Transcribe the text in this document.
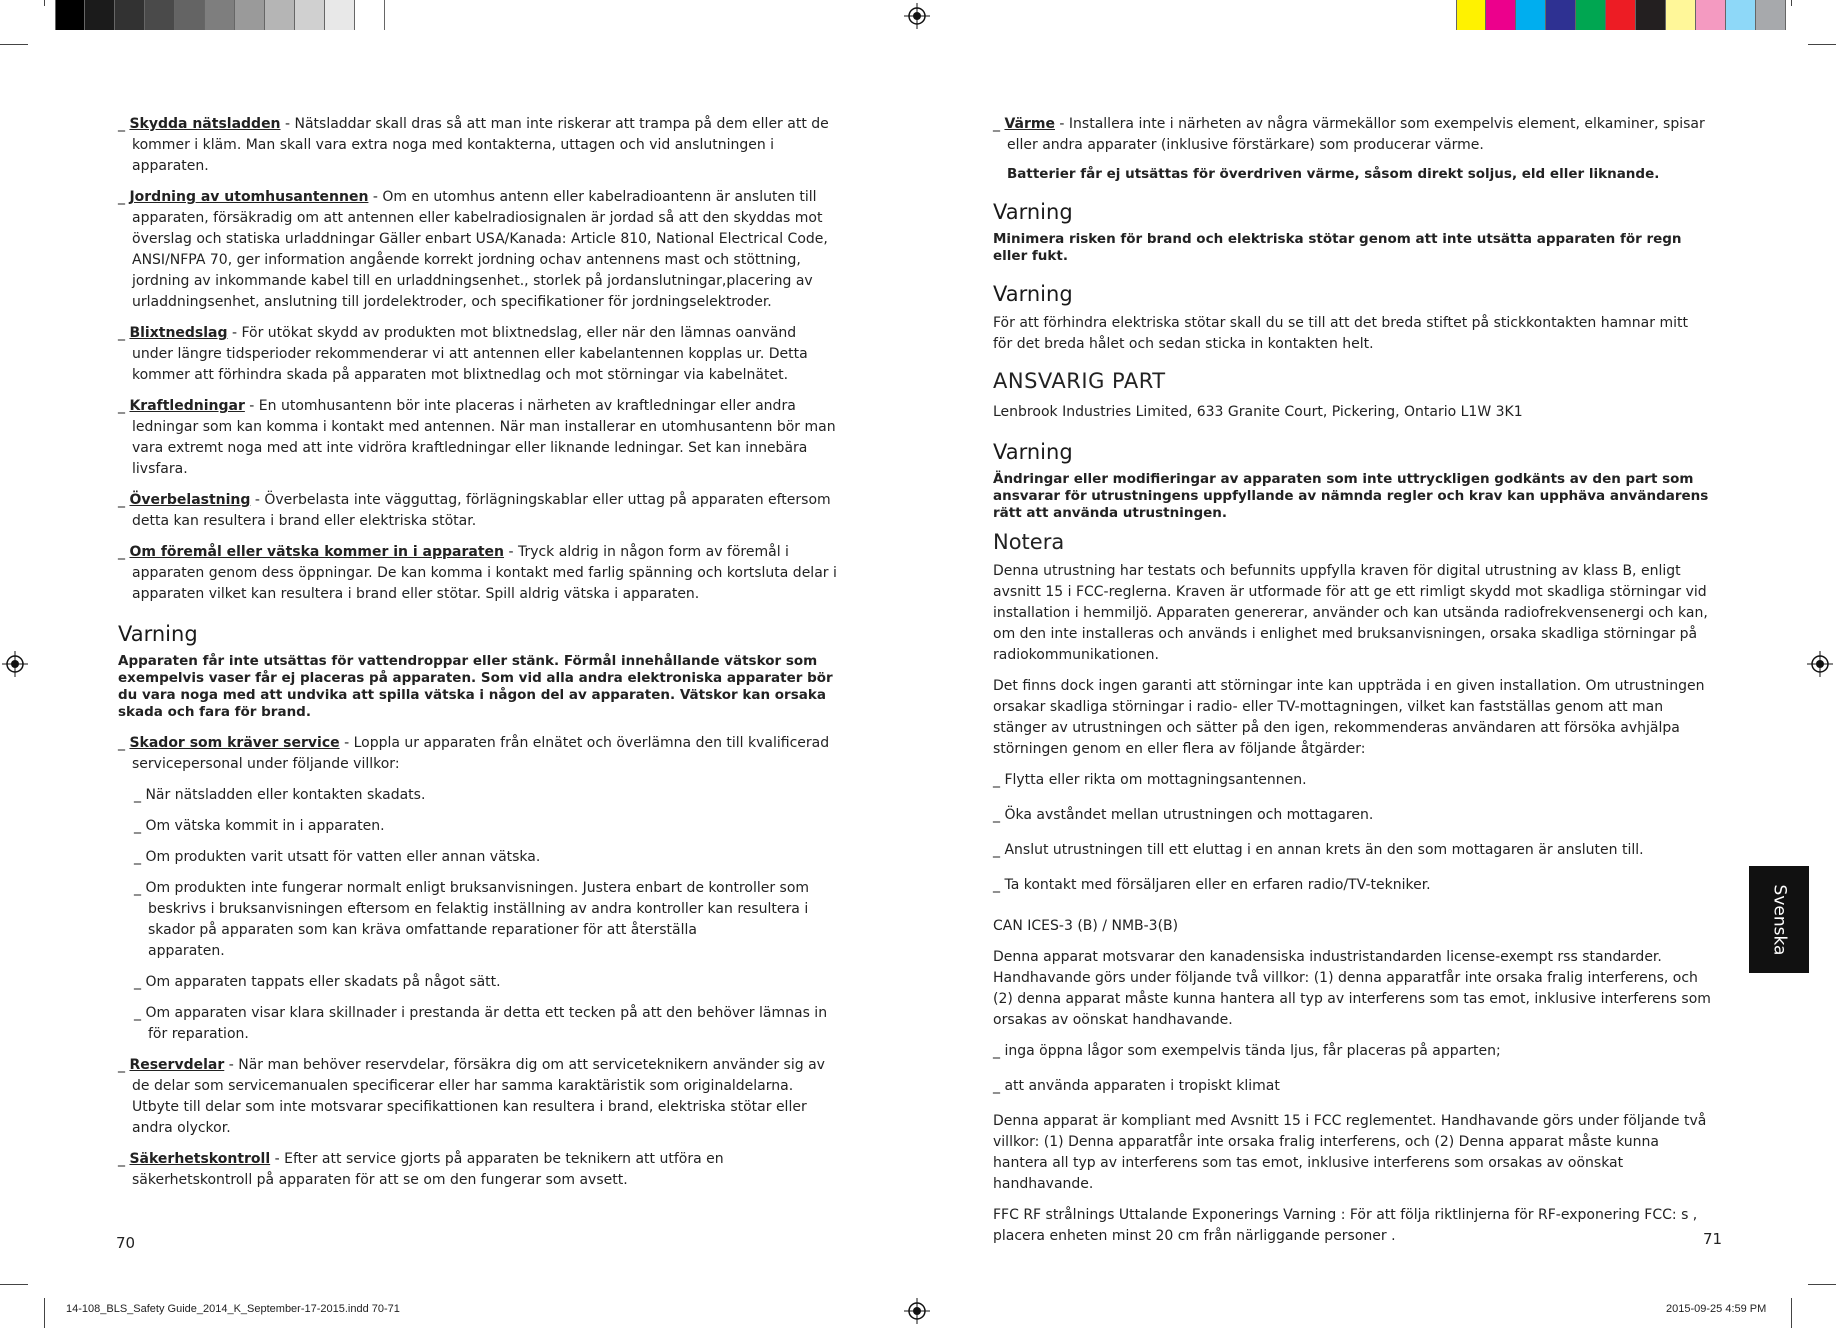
_ Skydda nätsladden - Nätsladdar skall dras så att man inte riskerar att trampa på dem eller att de kommer i kläm. Man skall vara extra noga med kontakterna, uttagen och vid anslutningen i apparaten.

_ Jordning av utomhusantennen - Om en utomhus antenn eller kabelradioantenn är ansluten till apparaten, försäkradig om att antennen eller kabelradiosignalen är jordad så att den skyddas mot överslag och statiska urladdningar Gäller enbart USA/Kanada: Article 810, National Electrical Code, ANSI/NFPA 70, ger information angående korrekt jordning ochav antennens mast och stöttning, jordning av inkommande kabel till en urladdningsenhet., storlek på jordanslutningar,placering av urladdningsenhet, anslutning till jordelektroder, och specifikationer för jordningselektroder.

_ Blixtnedslag - För utökat skydd av produkten mot blixtnedslag, eller när den lämnas oanvänd under längre tidsperioder rekommenderar vi att antennen eller kabelantennen kopplas ur. Detta kommer att förhindra skada på apparaten mot blixtnedlag och mot störningar via kabelnätet.

_ Kraftledningar - En utomhusantenn bör inte placeras i närheten av kraftledningar eller andra ledningar som kan komma i kontakt med antennen. När man installerar en utomhusantenn bör man vara extremt noga med att inte vidröra kraftledningar eller liknande ledningar. Set kan innebära livsfara.

_ Överbelastning - Överbelasta inte vägguttag, förlägningskablar eller uttag på apparaten eftersom detta kan resultera i brand eller elektriska stötar.

_ Om föremål eller vätska kommer in i apparaten - Tryck aldrig in någon form av föremål i apparaten genom dess öppningar. De kan komma i kontakt med farlig spänning och kortsluta delar i apparaten vilket kan resultera i brand eller stötar. Spill aldrig vätska i apparaten.

Varning

Apparaten får inte utsättas för vattendroppar eller stänk. Förmål innehållande vätskor som exempelvis vaser får ej placeras på apparaten. Som vid alla andra elektroniska apparater bör du vara noga med att undvika att spilla vätska i någon del av apparaten. Vätskor kan orsaka skada och fara för brand.

_ Skador som kräver service - Loppla ur apparaten från elnätet och överlämna den till kvalificerad servicepersonal under följande villkor:

_ När nätsladden eller kontakten skadats.

_ Om vätska kommit in i apparaten.

_ Om produkten varit utsatt för vatten eller annan vätska.

_ Om produkten inte fungerar normalt enligt bruksanvisningen. Justera enbart de kontroller som beskrivs i bruksanvisningen eftersom en felaktig inställning av andra kontroller kan resultera i skador på apparaten som kan kräva omfattande reparationer för att återställa
apparaten.

_ Om apparaten tappats eller skadats på något sätt.

_ Om apparaten visar klara skillnader i prestanda är detta ett tecken på att den behöver lämnas in för reparation.

_ Reservdelar - När man behöver reservdelar, försäkra dig om att serviceteknikern använder sig av de delar som servicemanualen specificerar eller har samma karaktäristik som originaldelarna. Utbyte till delar som inte motsvarar specifikattionen kan resultera i brand, elektriska stötar eller andra olyckor.

_ Säkerhetskontroll - Efter att service gjorts på apparaten be teknikern att utföra en säkerhetskontroll på apparaten för att se om den fungerar som avsett.

70

_ Värme - Installera inte i närheten av några värmekällor som exempelvis element, elkaminer, spisar eller andra apparater (inklusive förstärkare) som producerar värme.

Batterier får ej utsättas för överdriven värme, såsom direkt soljus, eld eller liknande.

Varning

Minimera risken för brand och elektriska stötar genom att inte utsätta apparaten för regn eller fukt.

Varning

För att förhindra elektriska stötar skall du se till att det breda stiftet på stickkontakten hamnar mitt för det breda hålet och sedan sticka in kontakten helt.

ANSVARIG PART

Lenbrook Industries Limited, 633 Granite Court, Pickering, Ontario L1W 3K1

Varning

Ändringar eller modifieringar av apparaten som inte uttryckligen godkänts av den part som ansvarar för utrustningens uppfyllande av nämnda regler och krav kan upphäva användarens rätt att använda utrustningen.

Notera

Denna utrustning har testats och befunnits uppfylla kraven för digital utrustning av klass B, enligt avsnitt 15 i FCC-reglerna. Kraven är utformade för att ge ett rimligt skydd mot skadliga störningar vid installation i hemmiljö. Apparaten genererar, använder och kan utsända radiofrekvensenergi och kan, om den inte installeras och används i enlighet med bruksanvisningen, orsaka skadliga störningar på radiokommunikationen.

Det finns dock ingen garanti att störningar inte kan uppträda i en given installation. Om utrustningen orsakar skadliga störningar i radio- eller TV-mottagningen, vilket kan fastställas genom att man stänger av utrustningen och sätter på den igen, rekommenderas användaren att försöka avhjälpa störningen genom en eller flera av följande åtgärder:

_ Flytta eller rikta om mottagningsantennen.

_ Öka avståndet mellan utrustningen och mottagaren.

_ Anslut utrustningen till ett eluttag i en annan krets än den som mottagaren är ansluten till.

_ Ta kontakt med försäljaren eller en erfaren radio/TV-tekniker.

CAN ICES-3 (B) / NMB-3(B)

Denna apparat motsvarar den kanadensiska industristandarden license-exempt rss standarder. Handhavande görs under följande två villkor: (1) denna apparatfår inte orsaka fralig interferens, och (2) denna apparat måste kunna hantera all typ av interferens som tas emot, inklusive interferens som orsakas av oönskat handhavande.

_ inga öppna lågor som exempelvis tända ljus, får placeras på apparten;

_ att använda apparaten i tropiskt klimat

Denna apparat är kompliant med Avsnitt 15 i FCC reglementet. Handhavande görs under följande två villkor: (1) Denna apparatfår inte orsaka fralig interferens, och (2) Denna apparat måste kunna hantera all typ av interferens som tas emot, inklusive interferens som orsakas av oönskat handhavande.

FFC RF strålnings Uttalande Exponerings Varning : För att följa riktlinjerna för RF-exponering FCC: s , placera enheten minst 20 cm från närliggande personer .	71
Svenska
14-108_BLS_Safety Guide_2014_K_September-17-2015.indd 70-71	2015-09-25 4:59 PM
